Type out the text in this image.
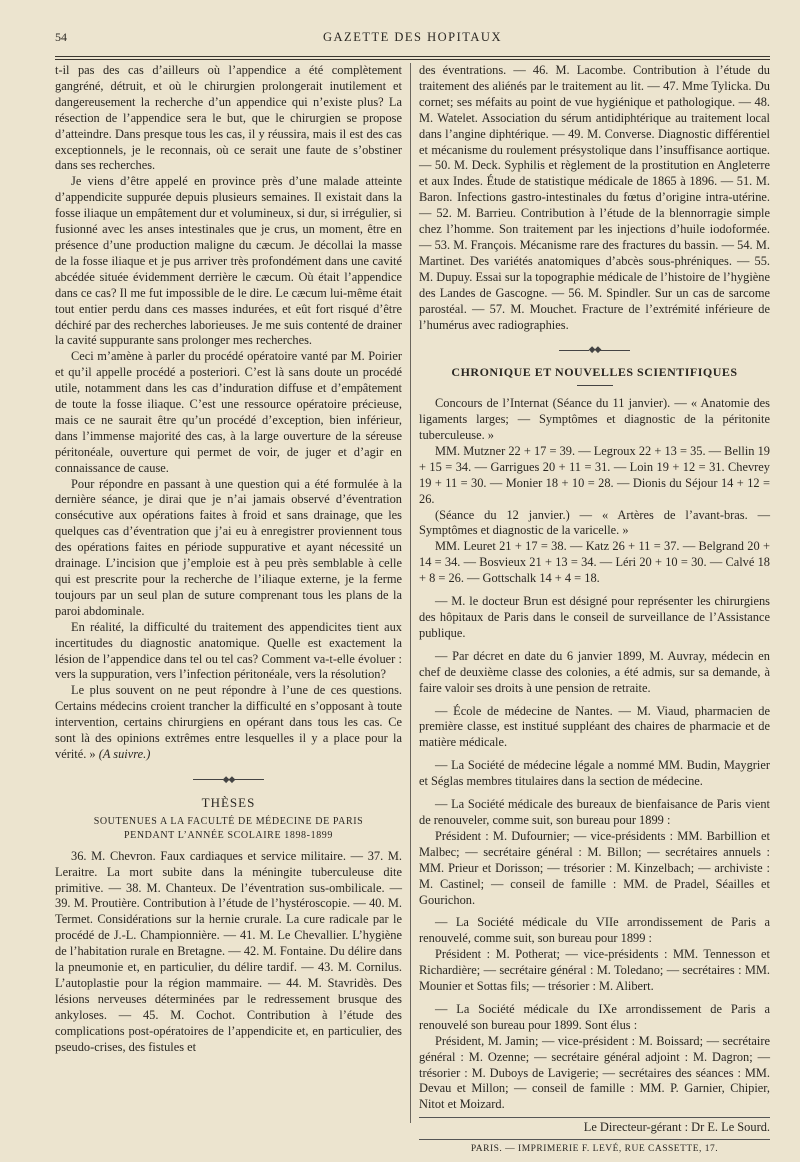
54	GAZETTE DES HOPITAUX

t-il pas des cas d’ailleurs où l’appendice a été complètement gangréné, détruit, et où le chirurgien prolongerait inutilement et dangereusement la recherche d’un appendice qui n’existe plus? La résection de l’appendice sera le but, que le chirurgien se propose d’atteindre. Dans presque tous les cas, il y réussira, mais il est des cas exceptionnels, je le reconnais, où ce serait une faute de s’obstiner dans ses recherches.

Je viens d’être appelé en province près d’une malade atteinte d’appendicite suppurée depuis plusieurs semaines. Il existait dans la fosse iliaque un empâtement dur et volumineux, si dur, si irrégulier, si fusionné avec les anses intestinales que je crus, un moment, être en présence d’une production maligne du cæcum. Je décollai la masse de la fosse iliaque et je pus arriver très profondément dans une cavité abcédée située évidemment derrière le cæcum. Où était l’appendice dans ce cas? Il me fut impossible de le dire. Le cæcum lui-même était tout entier perdu dans ces masses indurées, et eût fort risqué d’être déchiré par des recherches laborieuses. Je me suis contenté de drainer la cavité suppurante sans prolonger mes recherches.

Ceci m’amène à parler du procédé opératoire vanté par M. Poirier et qu’il appelle procédé a posteriori. C’est là sans doute un procédé utile, notamment dans les cas d’induration diffuse et d’empâtement de toute la fosse iliaque. C’est une ressource opératoire précieuse, mais ce ne saurait être qu’un procédé d’exception, bien inférieur, dans l’immense majorité des cas, à la large ouverture de la séreuse péritonéale, ouverture qui permet de voir, de juger et d’agir en connaissance de cause.

Pour répondre en passant à une question qui a été formulée à la dernière séance, je dirai que je n’ai jamais observé d’éventration consécutive aux opérations faites à froid et sans drainage, que les quelques cas d’éventration que j’ai eu à enregistrer proviennent tous des opérations faites en période suppurative et ayant nécessité un drainage. L’incision que j’emploie est à peu près semblable à celle qui est prescrite pour la recherche de l’iliaque externe, je la ferme toujours par un seul plan de suture comprenant tous les plans de la paroi abdominale.

En réalité, la difficulté du traitement des appendicites tient aux incertitudes du diagnostic anatomique. Quelle est exactement la lésion de l’appendice dans tel ou tel cas? Comment va-t-elle évoluer : vers la suppuration, vers l’infection péritonéale, vers la résolution?

Le plus souvent on ne peut répondre à l’une de ces questions. Certains médecins croient trancher la difficulté en s’opposant à toute intervention, certains chirurgiens en opérant dans tous les cas. Ce sont là des opinions extrêmes entre lesquelles il y a place pour la vérité. » (A suivre.)

◆◆
THÈSES
SOUTENUES A LA FACULTÉ DE MÉDECINE DE PARIS
PENDANT L’ANNÉE SCOLAIRE 1898-1899

36. M. Chevron. Faux cardiaques et service militaire. — 37. M. Leraitre. La mort subite dans la méningite tuberculeuse dite primitive. — 38. M. Chanteux. De l’éventration sus-ombilicale. — 39. M. Proutière. Contribution à l’étude de l’hystéroscopie. — 40. M. Termet. Considérations sur la hernie crurale. La cure radicale par le procédé de J.-L. Championnière. — 41. M. Le Chevallier. L’hygiène de l’habitation rurale en Bretagne. — 42. M. Fontaine. Du délire dans la pneumonie et, en particulier, du délire tardif. — 43. M. Cornilus. L’autoplastie pour la région mammaire. — 44. M. Stavridès. Des lésions nerveuses déterminées par le redressement brusque des ankyloses. — 45. M. Cochot. Contribution à l’étude des complications post-opératoires de l’appendicite et, en particulier, des pseudo-crises, des fistules et

des éventrations. — 46. M. Lacombe. Contribution à l’étude du traitement des aliénés par le traitement au lit. — 47. Mme Tylicka. Du cornet; ses méfaits au point de vue hygiénique et pathologique. — 48. M. Watelet. Association du sérum antidiphtérique au traitement local dans l’angine diphtérique. — 49. M. Converse. Diagnostic différentiel et mécanisme du roulement présystolique dans l’insuffisance aortique. — 50. M. Deck. Syphilis et règlement de la prostitution en Angleterre et aux Indes. Étude de statistique médicale de 1865 à 1896. — 51. M. Baron. Infections gastro-intestinales du fœtus d’origine intra-utérine. — 52. M. Barrieu. Contribution à l’étude de la blennorragie simple chez l’homme. Son traitement par les injections d’huile iodoformée. — 53. M. François. Mécanisme rare des fractures du bassin. — 54. M. Martinet. Des variétés anatomiques d’abcès sous-phréniques. — 55. M. Dupuy. Essai sur la topographie médicale de l’histoire de l’hygiène des Landes de Gascogne. — 56. M. Spindler. Sur un cas de sarcome parostéal. — 57. M. Mouchet. Fracture de l’extrémité inférieure de l’humérus avec radiographies.

◆◆
CHRONIQUE ET NOUVELLES SCIENTIFIQUES

Concours de l’Internat (Séance du 11 janvier). — « Anatomie des ligaments larges; — Symptômes et diagnostic de la péritonite tuberculeuse. »

MM. Mutzner 22 + 17 = 39. — Legroux 22 + 13 = 35. — Bellin 19 + 15 = 34. — Garrigues 20 + 11 = 31. — Loin 19 + 12 = 31. Chevrey 19 + 11 = 30. — Monier 18 + 10 = 28. — Dionis du Séjour 14 + 12 = 26.

(Séance du 12 janvier.) — « Artères de l’avant-bras. — Symptômes et diagnostic de la varicelle. »

MM. Leuret 21 + 17 = 38. — Katz 26 + 11 = 37. — Belgrand 20 + 14 = 34. — Bosvieux 21 + 13 = 34. — Léri 20 + 10 = 30. — Calvé 18 + 8 = 26. — Gottschalk 14 + 4 = 18.

— M. le docteur Brun est désigné pour représenter les chirurgiens des hôpitaux de Paris dans le conseil de surveillance de l’Assistance publique.

— Par décret en date du 6 janvier 1899, M. Auvray, médecin en chef de deuxième classe des colonies, a été admis, sur sa demande, à faire valoir ses droits à une pension de retraite.

— École de médecine de Nantes. — M. Viaud, pharmacien de première classe, est institué suppléant des chaires de pharmacie et de matière médicale.

— La Société de médecine légale a nommé MM. Budin, Maygrier et Séglas membres titulaires dans la section de médecine.

— La Société médicale des bureaux de bienfaisance de Paris vient de renouveler, comme suit, son bureau pour 1899 :

Président : M. Dufournier; — vice-présidents : MM. Barbillion et Malbec; — secrétaire général : M. Billon; — secrétaires annuels : MM. Prieur et Dorisson; — trésorier : M. Kinzelbach; — archiviste : M. Castinel; — conseil de famille : MM. de Pradel, Séailles et Gourichon.

— La Société médicale du VIIe arrondissement de Paris a renouvelé, comme suit, son bureau pour 1899 :

Président : M. Potherat; — vice-présidents : MM. Tennesson et Richardière; — secrétaire général : M. Toledano; — secrétaires : MM. Mounier et Sottas fils; — trésorier : M. Alibert.

— La Société médicale du IXe arrondissement de Paris a renouvelé son bureau pour 1899. Sont élus :

Président, M. Jamin; — vice-président : M. Boissard; — secrétaire général : M. Ozenne; — secrétaire général adjoint : M. Dagron; — trésorier : M. Duboys de Lavigerie; — secrétaires des séances : MM. Devau et Millon; — conseil de famille : MM. P. Garnier, Chipier, Nitot et Moizard.

Le Directeur-gérant : Dr E. Le Sourd.
PARIS. — IMPRIMERIE F. LEVÉ, RUE CASSETTE, 17.
